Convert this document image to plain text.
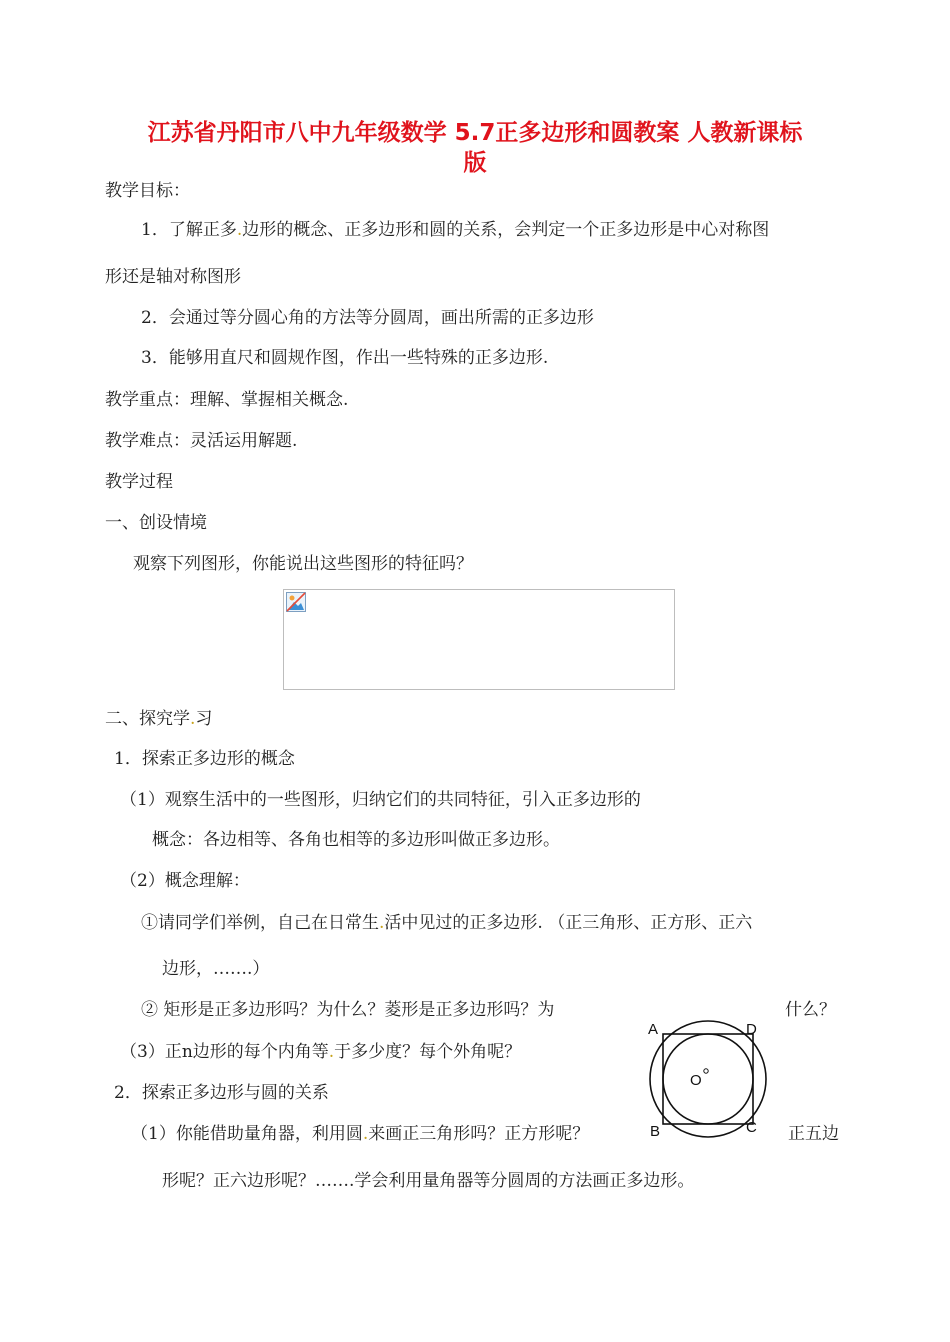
江苏省丹阳市八中九年级数学 5.7正多边形和圆教案 人教新课标
版
教学目标：
1．了解正多.边形的概念、正多边形和圆的关系，会判定一个正多边形是中心对称图
形还是轴对称图形
2．会通过等分圆心角的方法等分圆周，画出所需的正多边形
3．能够用直尺和圆规作图，作出一些特殊的正多边形.
教学重点：理解、掌握相关概念.
教学难点：灵活运用解题.
教学过程
一、创设情境
观察下列图形，你能说出这些图形的特征吗？
二、探究学.习
1．探索正多边形的概念
（1）观察生活中的一些图形，归纳它们的共同特征，引入正多边形的
概念：各边相等、各角也相等的多边形叫做正多边形。
（2）概念理解：
①请同学们举例，自己在日常生.活中见过的正多边形. （正三角形、正方形、正六
边形，…….）
② 矩形是正多边形吗？为什么？菱形是正多边形吗？为	什么？
（3）正n边形的每个内角等.于多少度？每个外角呢？
2．探索正多边形与圆的关系
（1）你能借助量角器，利用圆.来画正三角形吗？正方形呢？	正五边
形呢？正六边形呢？…….学会利用量角器等分圆周的方法画正多边形。
A	D
B	C
O
